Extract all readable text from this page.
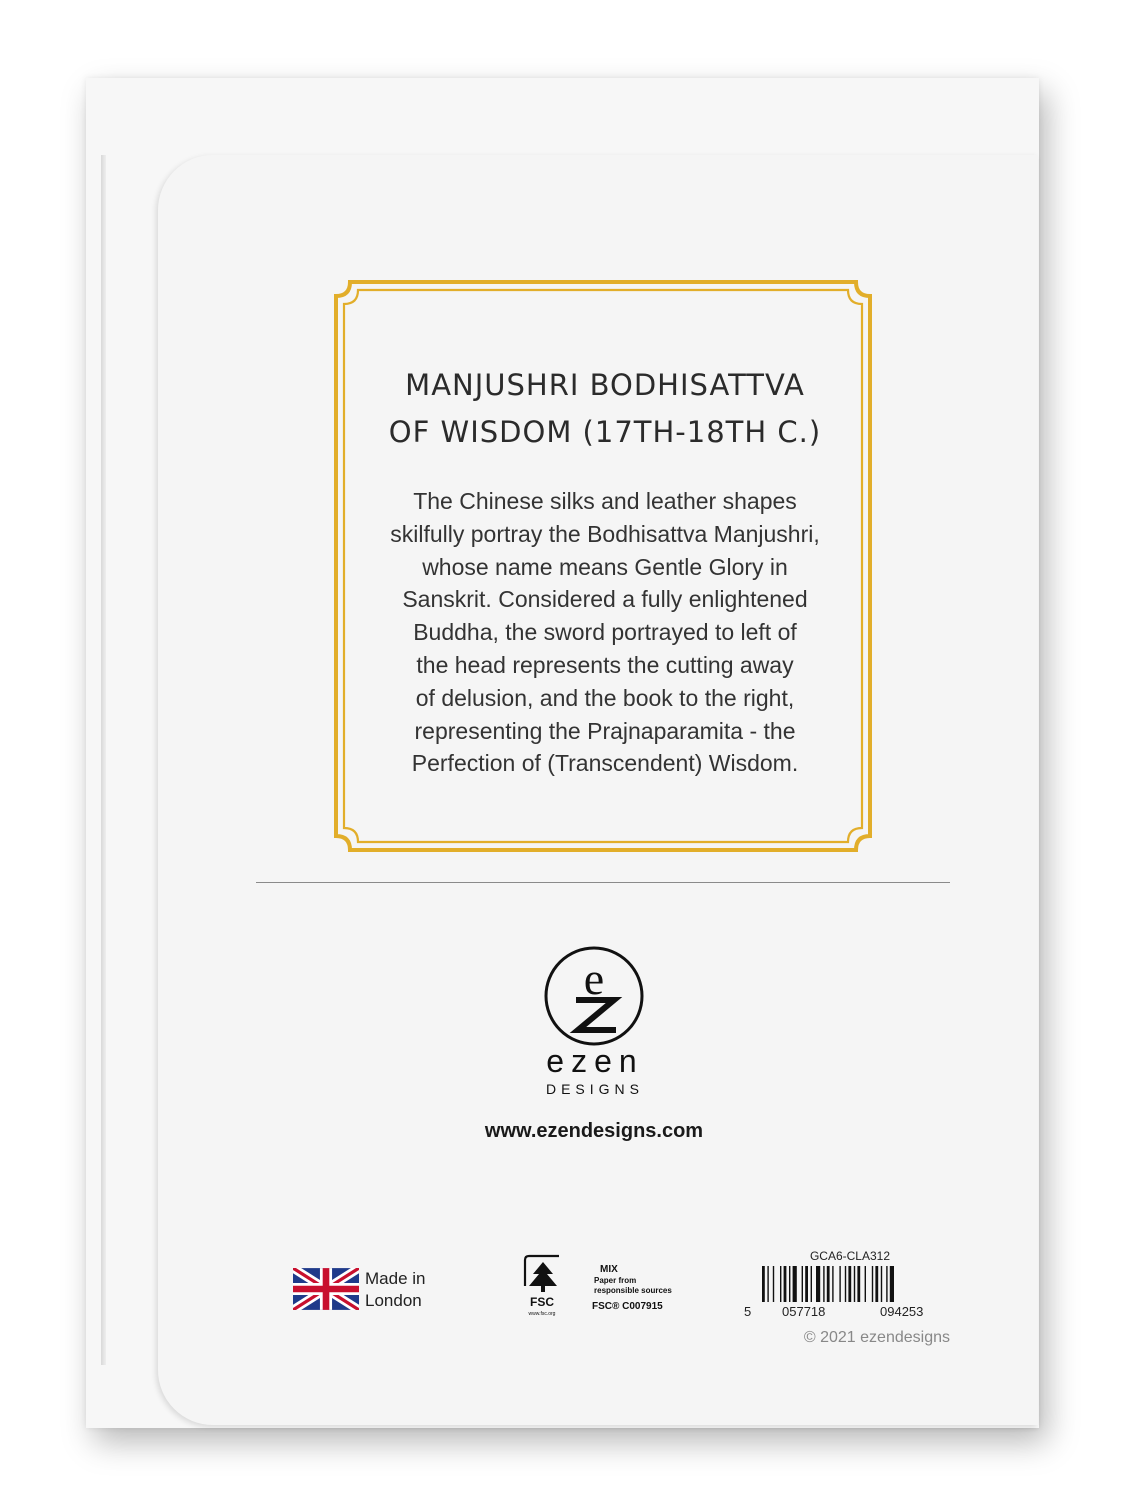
MANJUSHRI BODHISATTVA
OF WISDOM (17TH-18TH C.)
The Chinese silks and leather shapes
skilfully portray the Bodhisattva Manjushri,
whose name means Gentle Glory in
Sanskrit. Considered a fully enlightened
Buddha, the sword portrayed to left of
the head represents the cutting away
of delusion, and the book to the right,
representing the Prajnaparamita - the
Perfection of (Transcendent) Wisdom.
e
ezen
DESIGNS
www.ezendesigns.com
Made in
London	FSC
www.fsc.org
MIX
Paper from
responsible sources
FSC® C007915
GCA6-CLA312
5 057718	094253
© 2021 ezendesigns
